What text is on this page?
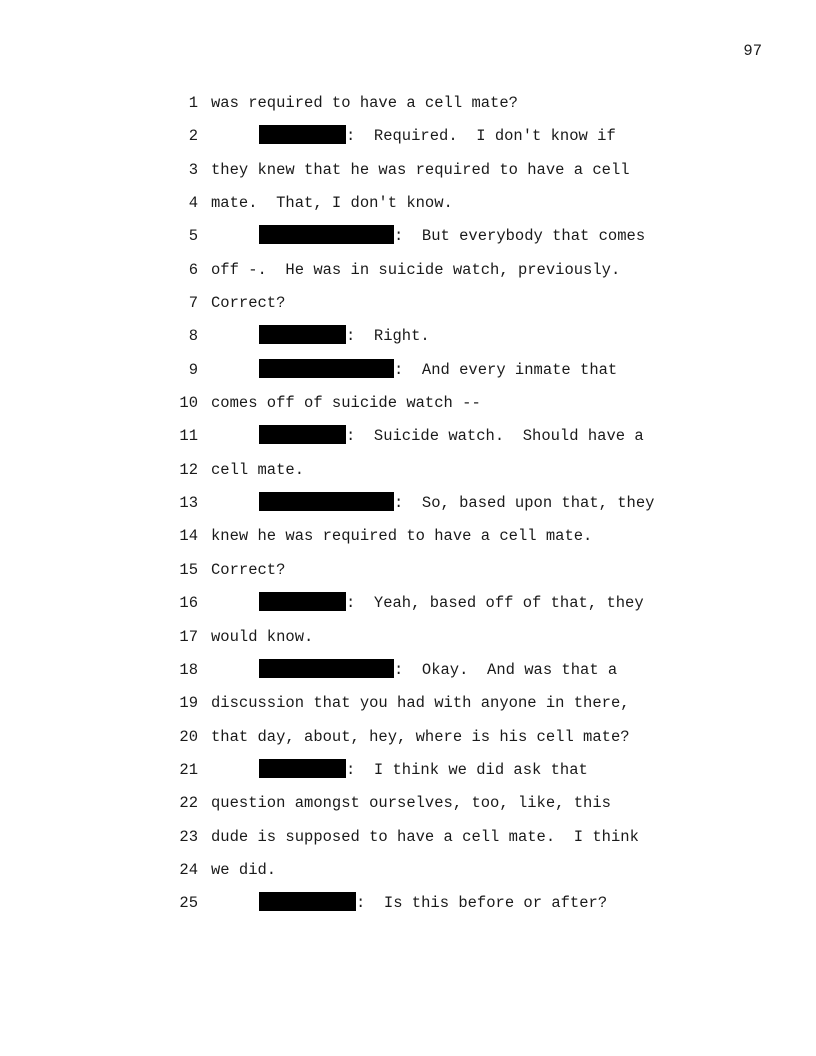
97
1 was required to have a cell mate?
2	:  Required.  I don't know if
3 they knew that he was required to have a cell
4 mate.  That, I don't know.
5	:  But everybody that comes
6 off -.  He was in suicide watch, previously.
7 Correct?
8	:  Right.
9	:  And every inmate that
10 comes off of suicide watch --
11	:  Suicide watch.  Should have a
12 cell mate.
13	:  So, based upon that, they
14 knew he was required to have a cell mate.
15 Correct?
16	:  Yeah, based off of that, they
17 would know.
18	:  Okay.  And was that a
19 discussion that you had with anyone in there,
20 that day, about, hey, where is his cell mate?
21	:  I think we did ask that
22 question amongst ourselves, too, like, this
23 dude is supposed to have a cell mate.  I think
24 we did.
25	:  Is this before or after?
